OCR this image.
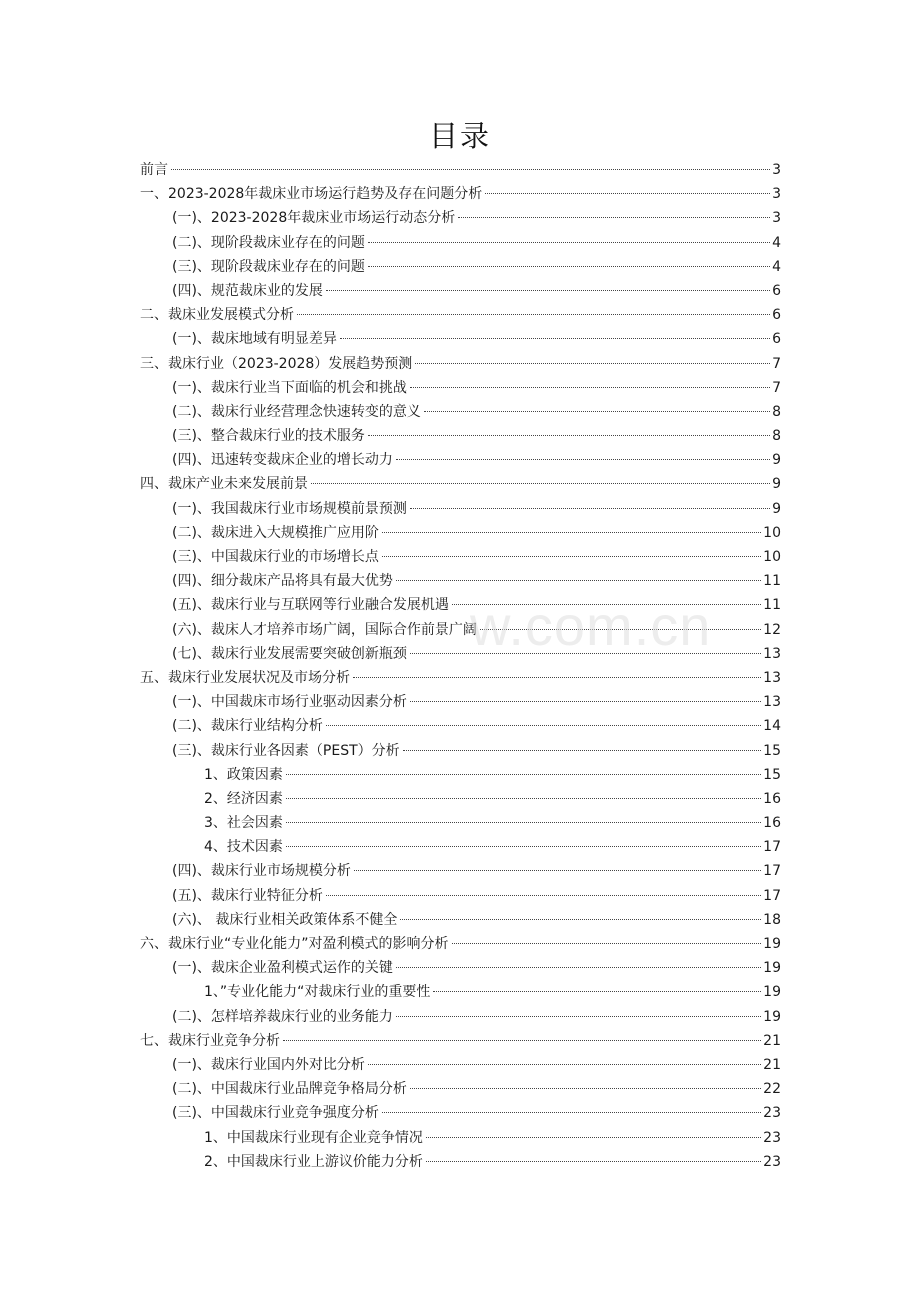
目录
前言	3
一、2023-2028年裁床业市场运行趋势及存在问题分析	3
(一)、2023-2028年裁床业市场运行动态分析	3
(二)、现阶段裁床业存在的问题	4
(三)、现阶段裁床业存在的问题	4
(四)、规范裁床业的发展	6
二、裁床业发展模式分析	6
(一)、裁床地域有明显差异	6
三、裁床行业（2023-2028）发展趋势预测	7
(一)、裁床行业当下面临的机会和挑战	7
(二)、裁床行业经营理念快速转变的意义	8
(三)、整合裁床行业的技术服务	8
(四)、迅速转变裁床企业的增长动力	9
四、裁床产业未来发展前景	9
(一)、我国裁床行业市场规模前景预测	9
(二)、裁床进入大规模推广应用阶	10
(三)、中国裁床行业的市场增长点	10
(四)、细分裁床产品将具有最大优势	11
(五)、裁床行业与互联网等行业融合发展机遇	11
(六)、裁床人才培养市场广阔，国际合作前景广阔	12
(七)、裁床行业发展需要突破创新瓶颈	13
五、裁床行业发展状况及市场分析	13
(一)、中国裁床市场行业驱动因素分析	13
(二)、裁床行业结构分析	14
(三)、裁床行业各因素（PEST）分析	15
1、政策因素	15
2、经济因素	16
3、社会因素	16
4、技术因素	17
(四)、裁床行业市场规模分析	17
(五)、裁床行业特征分析	17
(六)、 裁床行业相关政策体系不健全	18
六、裁床行业“专业化能力”对盈利模式的影响分析	19
(一)、裁床企业盈利模式运作的关键	19
1、”专业化能力“对裁床行业的重要性	19
(二)、怎样培养裁床行业的业务能力	19
七、裁床行业竞争分析	21
(一)、裁床行业国内外对比分析	21
(二)、中国裁床行业品牌竞争格局分析	22
(三)、中国裁床行业竞争强度分析	23
1、中国裁床行业现有企业竞争情况	23
2、中国裁床行业上游议价能力分析	23
w.com.cn
